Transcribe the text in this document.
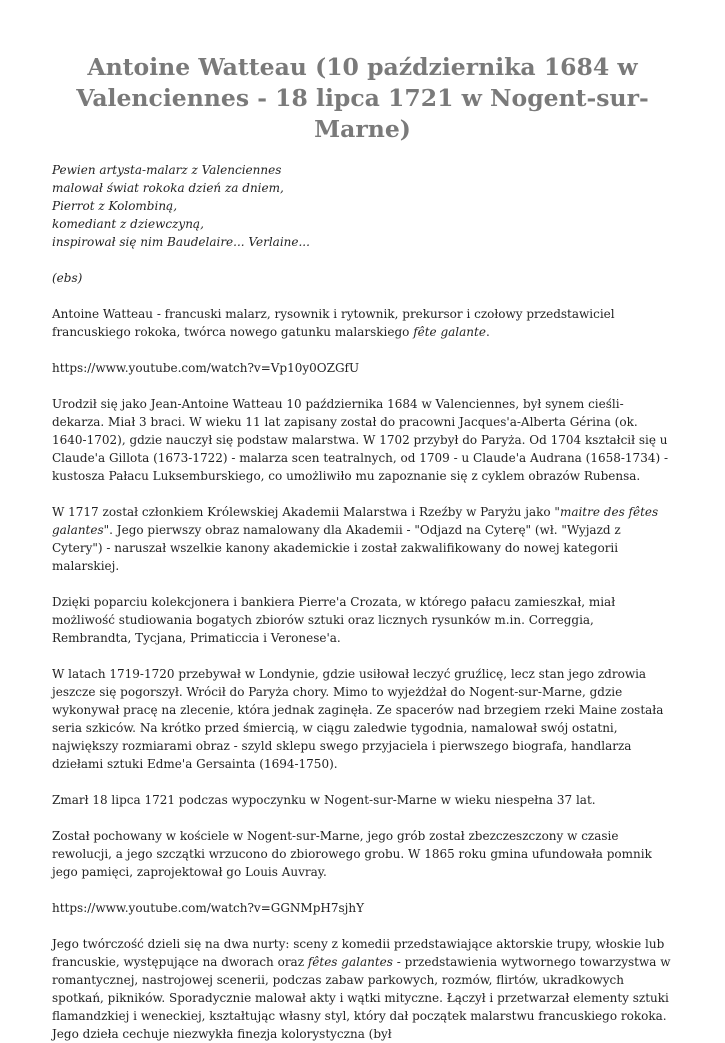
Antoine Watteau (10 października 1684 w Valenciennes - 18 lipca 1721 w Nogent-sur-Marne)
Pewien artysta-malarz z Valenciennes
malował świat rokoka dzień za dniem,
Pierrot z Kolombiną,
komediant z dziewczyną,
inspirował się nim Baudelaire... Verlaine...

(ebs)

Antoine Watteau - francuski malarz, rysownik i rytownik, prekursor i czołowy przedstawiciel francuskiego rokoka, twórca nowego gatunku malarskiego fête galante.

https://www.youtube.com/watch?v=Vp10y0OZGfU

Urodził się jako Jean-Antoine Watteau 10 października 1684 w Valenciennes, był synem cieśli-dekarza. Miał 3 braci. W wieku 11 lat zapisany został do pracowni Jacques'a-Alberta Gérina (ok. 1640-1702), gdzie nauczył się podstaw malarstwa. W 1702 przybył do Paryża. Od 1704 kształcił się u Claude'a Gillota (1673-1722) - malarza scen teatralnych, od 1709 - u Claude'a Audrana (1658-1734) - kustosza Pałacu Luksemburskiego, co umożliwiło mu zapoznanie się z cyklem obrazów Rubensa.

W 1717 został członkiem Królewskiej Akademii Malarstwa i Rzeźby w Paryżu jako "maitre des fêtes galantes". Jego pierwszy obraz namalowany dla Akademii - "Odjazd na Cyterę" (wł. "Wyjazd z Cytery") - naruszał wszelkie kanony akademickie i został zakwalifikowany do nowej kategorii malarskiej.

Dzięki poparciu kolekcjonera i bankiera Pierre'a Crozata, w którego pałacu zamieszkał, miał możliwość studiowania bogatych zbiorów sztuki oraz licznych rysunków m.in. Correggia, Rembrandta, Tycjana, Primaticcia i Veronese'a.

W latach 1719-1720 przebywał w Londynie, gdzie usiłował leczyć gruźlicę, lecz stan jego zdrowia jeszcze się pogorszył. Wrócił do Paryża chory. Mimo to wyjeżdżał do Nogent-sur-Marne, gdzie wykonywał pracę na zlecenie, która jednak zaginęła. Ze spacerów nad brzegiem rzeki Maine została seria szkiców. Na krótko przed śmiercią, w ciągu zaledwie tygodnia, namalował swój ostatni, największy rozmiarami obraz - szyld sklepu swego przyjaciela i pierwszego biografa, handlarza dziełami sztuki Edme'a Gersainta (1694-1750).

Zmarł 18 lipca 1721 podczas wypoczynku w Nogent-sur-Marne w wieku niespełna 37 lat.

Został pochowany w kościele w Nogent-sur-Marne, jego grób został zbezczeszczony w czasie rewolucji, a jego szczątki wrzucono do zbiorowego grobu. W 1865 roku gmina ufundowała pomnik jego pamięci, zaprojektował go Louis Auvray.

https://www.youtube.com/watch?v=GGNMpH7sjhY

Jego twórczość dzieli się na dwa nurty: sceny z komedii przedstawiające aktorskie trupy, włoskie lub francuskie, występujące na dworach oraz fêtes galantes - przedstawienia wytwornego towarzystwa w romantycznej, nastrojowej scenerii, podczas zabaw parkowych, rozmów, flirtów, ukradkowych spotkań, pikników. Sporadycznie malował akty i wątki mityczne. Łączył i przetwarzał elementy sztuki flamandzkiej i weneckiej, kształtując własny styl, który dał początek malarstwu francuskiego rokoka. Jego dzieła cechuje niezwykła finezja kolorystyczna (był
